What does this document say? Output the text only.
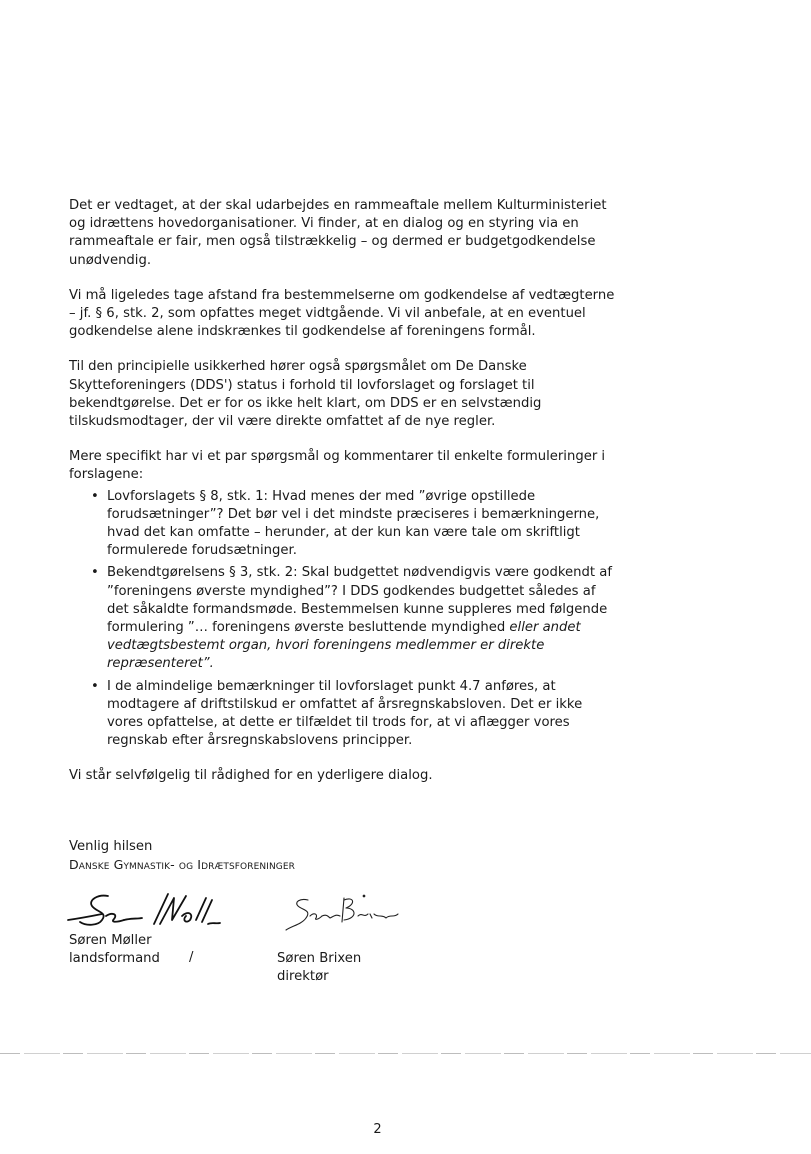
Det er vedtaget, at der skal udarbejdes en rammeaftale mellem Kulturministeriet og idrættens hovedorganisationer. Vi finder, at en dialog og en styring via en rammeaftale er fair, men også tilstrækkelig – og dermed er budgetgodkendelse unødvendig.

Vi må ligeledes tage afstand fra bestemmelserne om godkendelse af vedtægterne – jf. § 6, stk. 2, som opfattes meget vidtgående. Vi vil anbefale, at en eventuel godkendelse alene indskrænkes til godkendelse af foreningens formål.

Til den principielle usikkerhed hører også spørgsmålet om De Danske Skytteforeningers (DDS') status i forhold til lovforslaget og forslaget til bekendtgørelse. Det er for os ikke helt klart, om DDS er en selvstændig tilskudsmodtager, der vil være direkte omfattet af de nye regler.

Mere specifikt har vi et par spørgsmål og kommentarer til enkelte formuleringer i forslagene:

• Lovforslagets § 8, stk. 1: Hvad menes der med ”øvrige opstillede forudsætninger”? Det bør vel i det mindste præciseres i bemærkningerne, hvad det kan omfatte – herunder, at der kun kan være tale om skriftligt formulerede forudsætninger.
• Bekendtgørelsens § 3, stk. 2: Skal budgettet nødvendigvis være godkendt af ”foreningens øverste myndighed”? I DDS godkendes budgettet således af det såkaldte formandsmøde. Bestemmelsen kunne suppleres med følgende formulering ”… foreningens øverste besluttende myndighed eller andet vedtægtsbestemt organ, hvori foreningens medlemmer er direkte repræsenteret”.
• I de almindelige bemærkninger til lovforslaget punkt 4.7 anføres, at modtagere af driftstilskud er omfattet af årsregnskabsloven. Det er ikke vores opfattelse, at dette er tilfældet til trods for, at vi aflægger vores regnskab efter årsregnskabslovens principper.

Vi står selvfølgelig til rådighed for en yderligere dialog.

Venlig hilsen
Danske Gymnastik- og Idrætsforeninger
Søren Møller
landsformand /	Søren Brixen
direktør
2
